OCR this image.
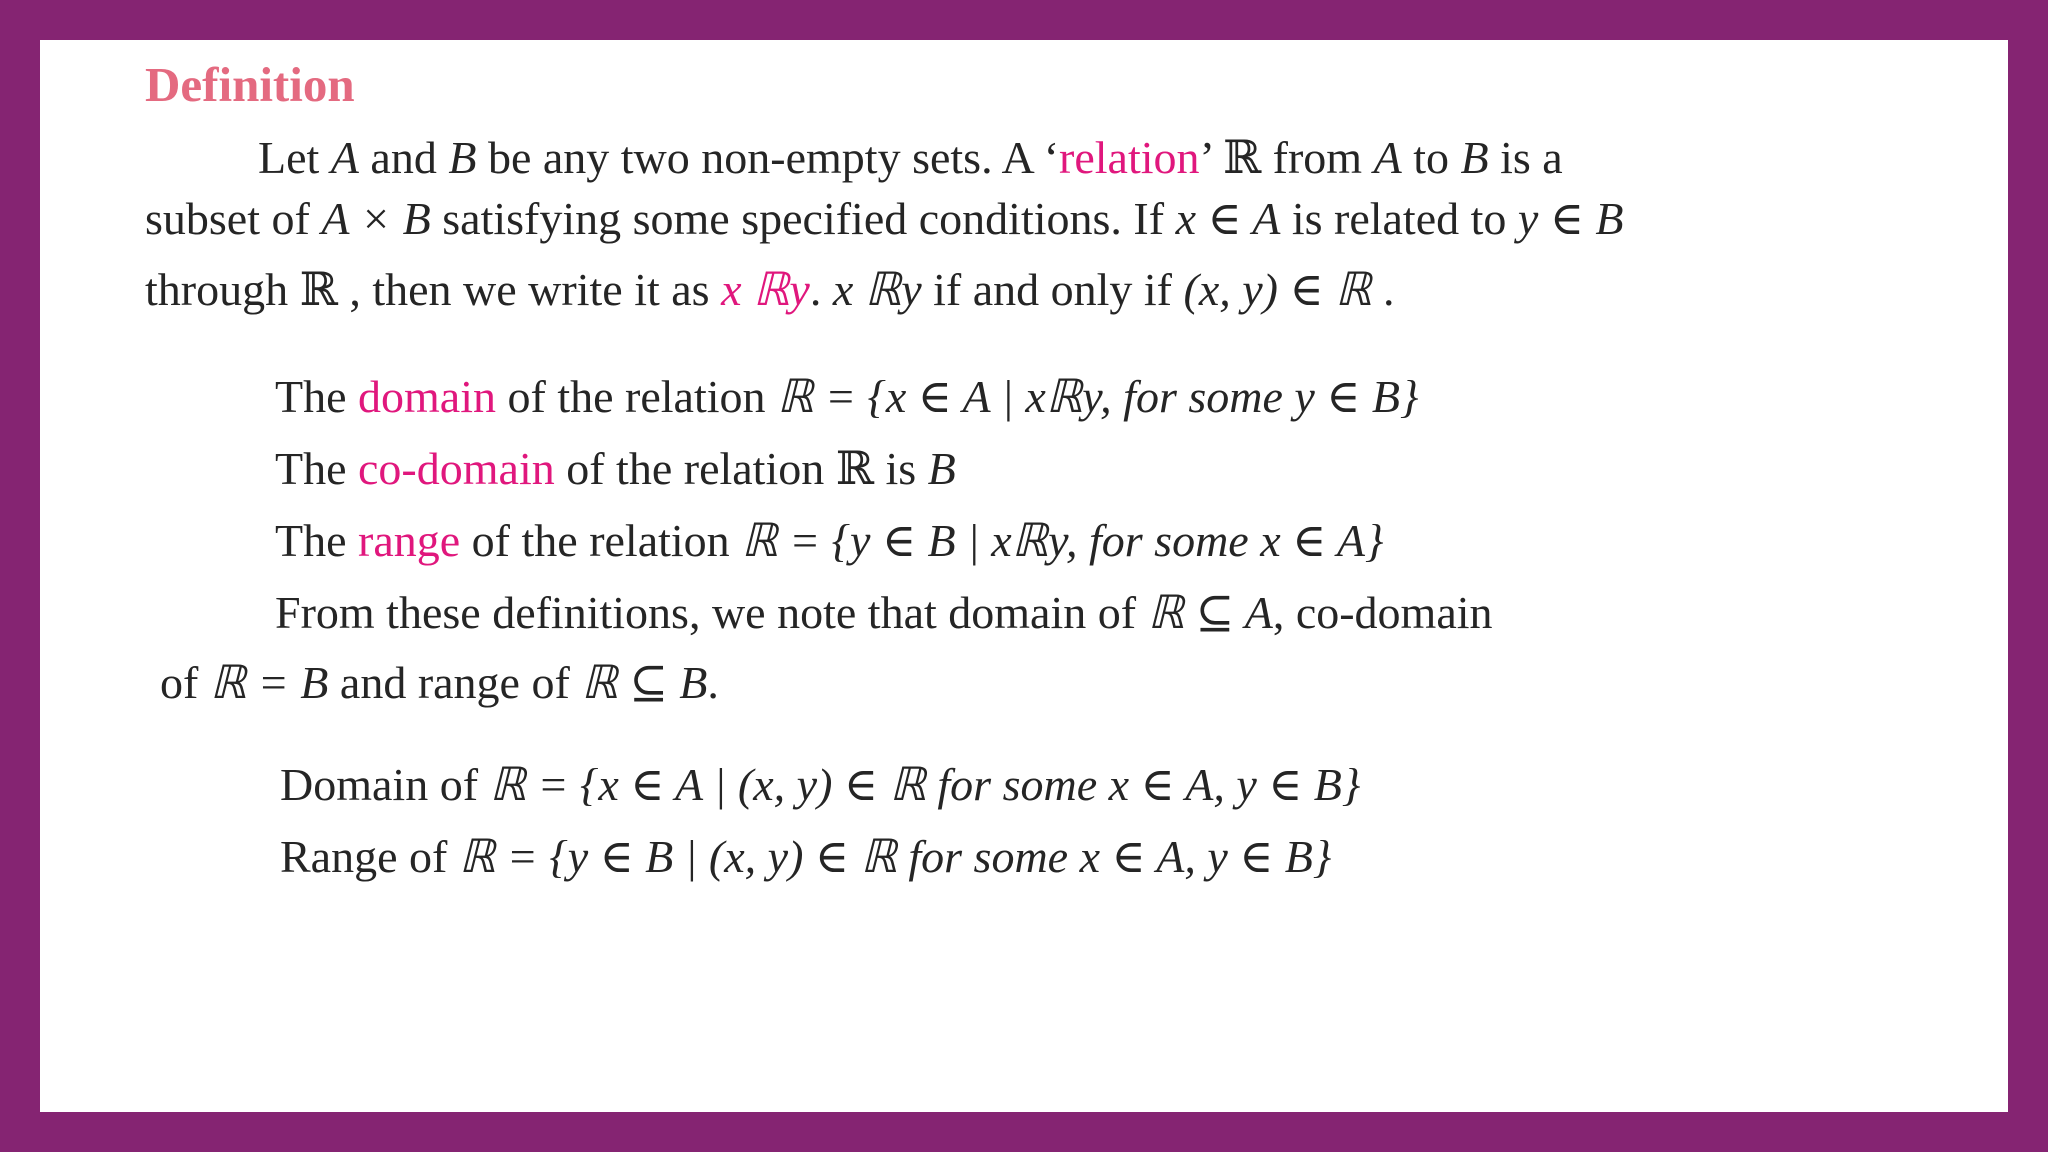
Definition
Let A and B be any two non-empty sets. A ‘relation’ ℝ from A to B is a
subset of A × B satisfying some specified conditions. If x ∈ A is related to y ∈ B
through ℝ , then we write it as x ℝy. x ℝy if and only if (x, y) ∈ ℝ .
The domain of the relation ℝ = {x ∈ A | xℝy, for some y ∈ B}
The co-domain of the relation ℝ is B
The range of the relation ℝ = {y ∈ B | xℝy, for some x ∈ A}
From these definitions, we note that domain of ℝ ⊆ A, co-domain
of ℝ = B and range of ℝ ⊆ B.
Domain of ℝ = {x ∈ A | (x, y) ∈ ℝ for some x ∈ A, y ∈ B}
Range of ℝ = {y ∈ B | (x, y) ∈ ℝ for some x ∈ A, y ∈ B}
